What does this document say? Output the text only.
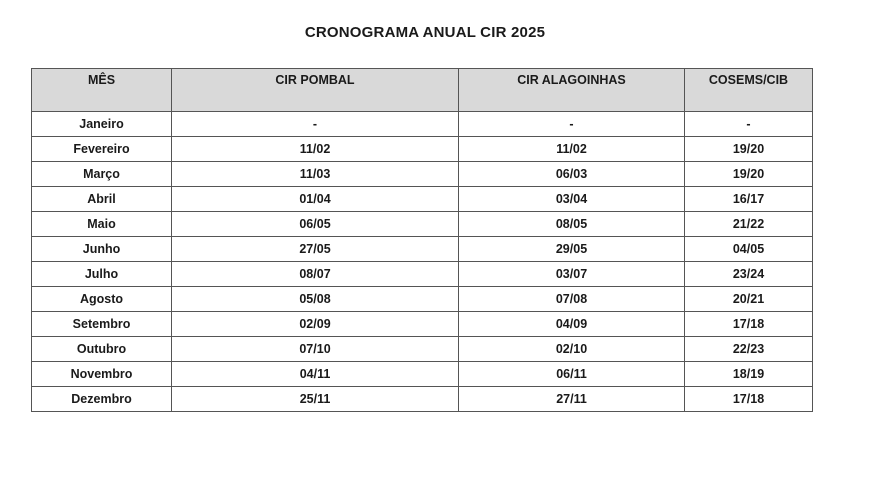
CRONOGRAMA ANUAL CIR 2025
MÊS	CIR POMBAL	CIR ALAGOINHAS	COSEMS/CIB
Janeiro	-	-	-
Fevereiro	11/02	11/02	19/20
Março	11/03	06/03	19/20
Abril	01/04	03/04	16/17
Maio	06/05	08/05	21/22
Junho	27/05	29/05	04/05
Julho	08/07	03/07	23/24
Agosto	05/08	07/08	20/21
Setembro	02/09	04/09	17/18
Outubro	07/10	02/10	22/23
Novembro	04/11	06/11	18/19
Dezembro	25/11	27/11	17/18
